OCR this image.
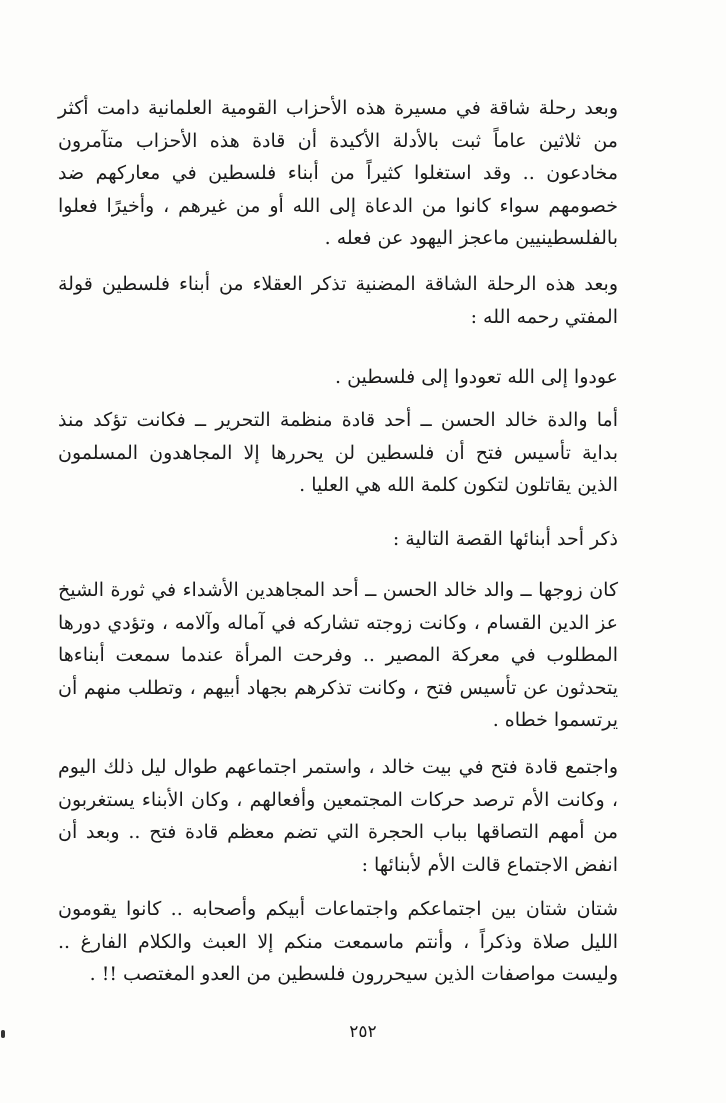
وبعد رحلة شاقة في مسيرة هذه الأحزاب القومية العلمانية دامت أكثر من ثلاثين عاماً ثبت بالأدلة الأكيدة أن قادة هذه الأحزاب متآمرون مخادعون .. وقد استغلوا كثيراً من أبناء فلسطين في معاركهم ضد خصومهم سواء كانوا من الدعاة إلى الله أو من غيرهم ، وأخيرًا فعلوا بالفلسطينيين ماعجز اليهود عن فعله .

وبعد هذه الرحلة الشاقة المضنية تذكر العقلاء من أبناء فلسطين قولة المفتي رحمه الله :

عودوا إلى الله تعودوا إلى فلسطين .

أما والدة خالد الحسن ــ أحد قادة منظمة التحرير ــ فكانت تؤكد منذ بداية تأسيس فتح أن فلسطين لن يحررها إلا المجاهدون المسلمون الذين يقاتلون لتكون كلمة الله هي العليا .

ذكر أحد أبنائها القصة التالية :

كان زوجها ــ والد خالد الحسن ــ أحد المجاهدين الأشداء في ثورة الشيخ عز الدين القسام ، وكانت زوجته تشاركه في آماله وآلامه ، وتؤدي دورها المطلوب في معركة المصير .. وفرحت المرأة عندما سمعت أبناءها يتحدثون عن تأسيس فتح ، وكانت تذكرهم بجهاد أبيهم ، وتطلب منهم أن يرتسموا خطاه .

واجتمع قادة فتح في بيت خالد ، واستمر اجتماعهم طوال ليل ذلك اليوم ، وكانت الأم ترصد حركات المجتمعين وأفعالهم ، وكان الأبناء يستغربون من أمهم التصاقها بباب الحجرة التي تضم معظم قادة فتح .. وبعد أن انفض الاجتماع قالت الأم لأبنائها :

شتان شتان بين اجتماعكم واجتماعات أبيكم وأصحابه .. كانوا يقومون الليل صلاة وذكراً ، وأنتم ماسمعت منكم إلا العبث والكلام الفارغ .. وليست مواصفات الذين سيحررون فلسطين من العدو المغتصب !! .

٢٥٢
